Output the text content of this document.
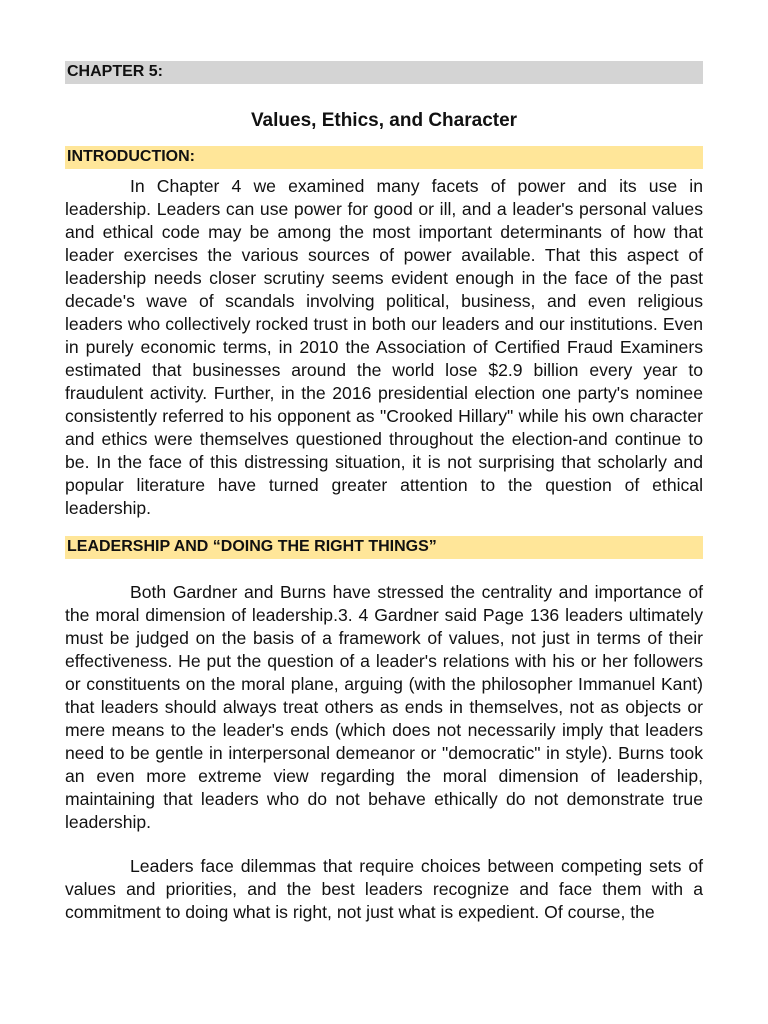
CHAPTER 5:
Values, Ethics, and Character
INTRODUCTION:

In Chapter 4 we examined many facets of power and its use in leadership. Leaders can use power for good or ill, and a leader's personal values and ethical code may be among the most important determinants of how that leader exercises the various sources of power available. That this aspect of leadership needs closer scrutiny seems evident enough in the face of the past decade's wave of scandals involving political, business, and even religious leaders who collectively rocked trust in both our leaders and our institutions. Even in purely economic terms, in 2010 the Association of Certified Fraud Examiners estimated that businesses around the world lose $2.9 billion every year to fraudulent activity. Further, in the 2016 presidential election one party's nominee consistently referred to his opponent as "Crooked Hillary" while his own character and ethics were themselves questioned throughout the election-and continue to be. In the face of this distressing situation, it is not surprising that scholarly and popular literature have turned greater attention to the question of ethical leadership.

LEADERSHIP AND “DOING THE RIGHT THINGS”

Both Gardner and Burns have stressed the centrality and importance of the moral dimension of leadership.3. 4 Gardner said Page 136 leaders ultimately must be judged on the basis of a framework of values, not just in terms of their effectiveness. He put the question of a leader's relations with his or her followers or constituents on the moral plane, arguing (with the philosopher Immanuel Kant) that leaders should always treat others as ends in themselves, not as objects or mere means to the leader's ends (which does not necessarily imply that leaders need to be gentle in interpersonal demeanor or "democratic" in style). Burns took an even more extreme view regarding the moral dimension of leadership, maintaining that leaders who do not behave ethically do not demonstrate true leadership.

Leaders face dilemmas that require choices between competing sets of values and priorities, and the best leaders recognize and face them with a commitment to doing what is right, not just what is expedient. Of course, the
